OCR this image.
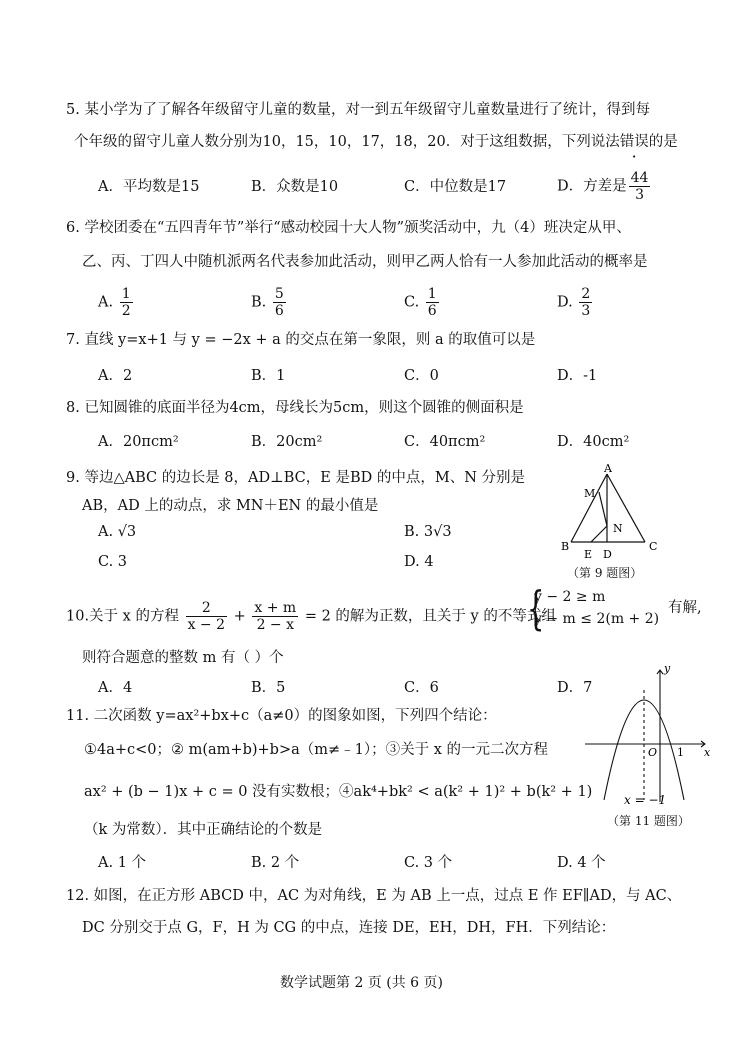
5. 某小学为了了解各年级留守儿童的数量，对一到五年级留守儿童数量进行了统计，得到每
个年级的留守儿童人数分别为10，15，10，17，18，20．对于这组数据，下列说法错误的是
A．平均数是15	B．众数是10	C．中位数是17	D．方差是 $\frac{44}{3}$
6. 学校团委在“五四青年节”举行“感动校园十大人物”颁奖活动中，九（4）班决定从甲、
乙、丙、丁四人中随机派两名代表参加此活动，则甲乙两人恰有一人参加此活动的概率是
A. $\frac{1}{2}$	B. $\frac{5}{6}$	C. $\frac{1}{6}$	D. $\frac{2}{3}$
7. 直线 y=x+1 与 y = −2x + a 的交点在第一象限，则 a 的取值可以是
A．2	B．1	C．0	D．-1
8. 已知圆锥的底面半径为4cm，母线长为5cm，则这个圆锥的侧面积是
A．20πcm²	B．20cm²	C．40πcm²	D．40cm²
9. 等边△ABC 的边长是 8，AD⊥BC，E 是BD 的中点，M、N 分别是
AB，AD 上的动点，求 MN＋EN 的最小值是
A. √3	B. 3√3
C. 3	D. 4
A
M
N
B
E D
C
（第 9 题图）
10.关于 x 的方程 $\frac{2}{x - 2} + \frac{x + m}{2 - x} = 2$ 的解为正数，且关于 y 的不等式组
{
y − 2 ≥ m
y − m ≤ 2(m + 2)
有解,
则符合题意的整数 m 有（ ）个
A．4	B．5	C．6	D．7
11. 二次函数 y=ax²+bx+c（a≠0）的图象如图，下列四个结论：
①4a+c<0；② m(am+b)+b>a（m≠﹣1）；③关于 x 的一元二次方程
ax² + (b − 1)x + c = 0 没有实数根；④ak⁴+bk² < a(k² + 1)² + b(k² + 1)
（k 为常数）．其中正确结论的个数是
A. 1 个	B. 2 个	C. 3 个	D. 4 个
y
x
O 1
x = −1
（第 11 题图）
12. 如图，在正方形 ABCD 中，AC 为对角线，E 为 AB 上一点，过点 E 作 EF∥AD，与 AC、
DC 分别交于点 G，F，H 为 CG 的中点，连接 DE，EH，DH，FH．下列结论：
数学试题第 2 页 (共 6 页)
